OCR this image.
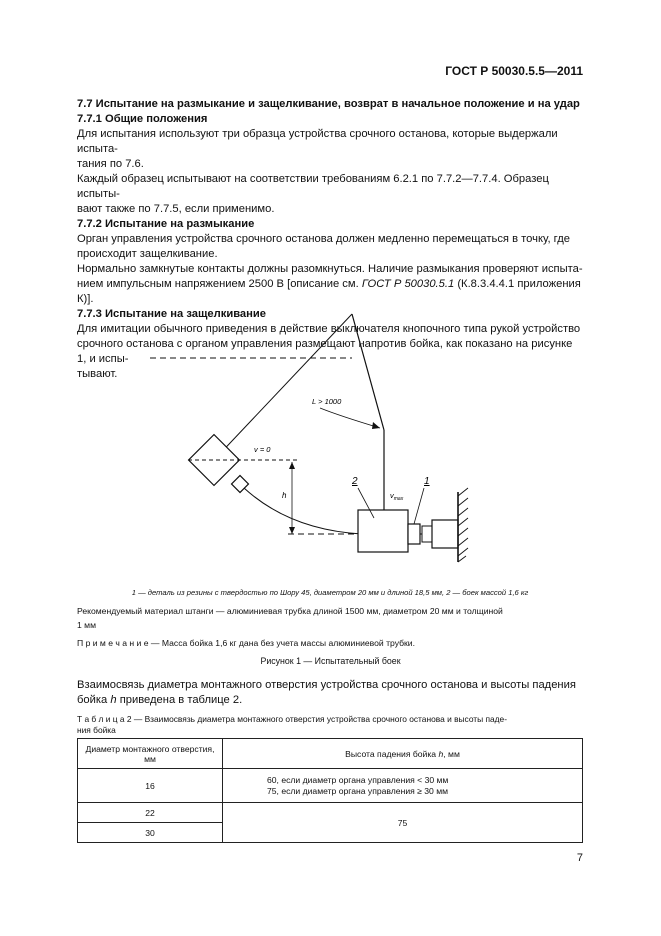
ГОСТ Р 50030.5.5—2011

7.7 Испытание на размыкание и защелкивание, возврат в начальное положение и на удар

7.7.1 Общие положения

Для испытания используют три образца устройства срочного останова, которые выдержали испыта-

тания по 7.6.

Каждый образец испытывают на соответствии требованиям 6.2.1 по 7.7.2—7.7.4. Образец испыты-

вают также по 7.7.5, если применимо.

7.7.2 Испытание на размыкание

Орган управления устройства срочного останова должен медленно перемещаться в точку, где

происходит защелкивание.

Нормально замкнутые контакты должны разомкнуться. Наличие размыкания проверяют испыта-

нием импульсным напряжением 2500 В [описание см. ГОСТ Р 50030.5.1 (К.8.3.4.4.1 приложения К)].

7.7.3 Испытание на защелкивание

Для имитации обычного приведения в действие выключателя кнопочного типа рукой устройство

срочного останова с органом управления размещают напротив бойка, как показано на рисунке 1, и испы-

тывают.

L > 1000
v = 0
h
2	1
$v_{max}$
1 — деталь из резины с твердостью по Шору 45, диаметром 20 мм и длиной 18,5 мм, 2 — боек массой 1,6 кг
Рекомендуемый материал штанги — алюминиевая трубка длиной 1500 мм, диаметром 20 мм и толщиной
1 мм
П р и м е ч а н и е — Масса бойка 1,6 кг дана без учета массы алюминиевой трубки.
Рисунок 1 — Испытательный боек
Взаимосвязь диаметра монтажного отверстия устройства срочного останова и высоты падения
бойка h приведена в таблице 2.
Т а б л и ц а 2 — Взаимосвязь диаметра монтажного отверстия устройства срочного останова и высоты паде-
ния бойка
Диаметр монтажного отверстия, мм	Высота падения бойка h, мм
16	60, если диаметр органа управления < 30 мм
75, если диаметр органа управления ≥ 30 мм

22	75
30	
7
